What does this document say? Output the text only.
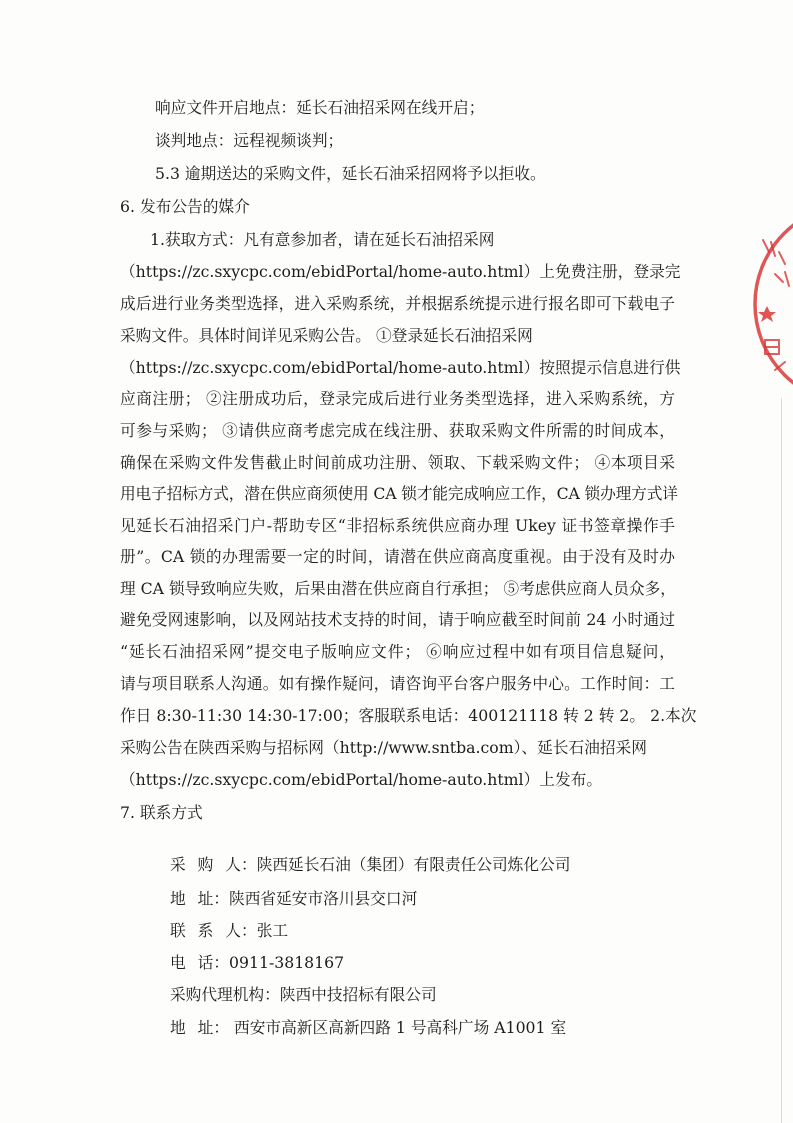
响应文件开启地点：延长石油招采网在线开启；
谈判地点：远程视频谈判；
5.3 逾期送达的采购文件，延长石油采招网将予以拒收。
6. 发布公告的媒介
1.获取方式：凡有意参加者，请在延长石油招采网
（https://zc.sxycpc.com/ebidPortal/home-auto.html）上免费注册，登录完
成后进行业务类型选择，进入采购系统，并根据系统提示进行报名即可下载电子
采购文件。具体时间详见采购公告。 ①登录延长石油招采网
（https://zc.sxycpc.com/ebidPortal/home-auto.html）按照提示信息进行供
应商注册； ②注册成功后，登录完成后进行业务类型选择，进入采购系统，方
可参与采购； ③请供应商考虑完成在线注册、获取采购文件所需的时间成本，
确保在采购文件发售截止时间前成功注册、领取、下载采购文件； ④本项目采
用电子招标方式，潜在供应商须使用 CA 锁才能完成响应工作，CA 锁办理方式详
见延长石油招采门户-帮助专区“非招标系统供应商办理 Ukey 证书签章操作手
册”。CA 锁的办理需要一定的时间，请潜在供应商高度重视。由于没有及时办
理 CA 锁导致响应失败，后果由潜在供应商自行承担； ⑤考虑供应商人员众多，
避免受网速影响，以及网站技术支持的时间，请于响应截至时间前 24 小时通过
“延长石油招采网”提交电子版响应文件； ⑥响应过程中如有项目信息疑问，
请与项目联系人沟通。如有操作疑问，请咨询平台客户服务中心。工作时间：工
作日 8:30-11:30 14:30-17:00；客服联系电话：400121118 转 2 转 2。 2.本次
采购公告在陕西采购与招标网（http://www.sntba.com）、延长石油招采网
（https://zc.sxycpc.com/ebidPortal/home-auto.html）上发布。
7. 联系方式

采 购 人：陕西延长石油（集团）有限责任公司炼化公司

地 址：陕西省延安市洛川县交口河

联 系 人：张工

电 话：0911-3818167

采购代理机构：陕西中技招标有限公司

地 址： 西安市高新区高新四路 1 号高科广场 A1001 室
